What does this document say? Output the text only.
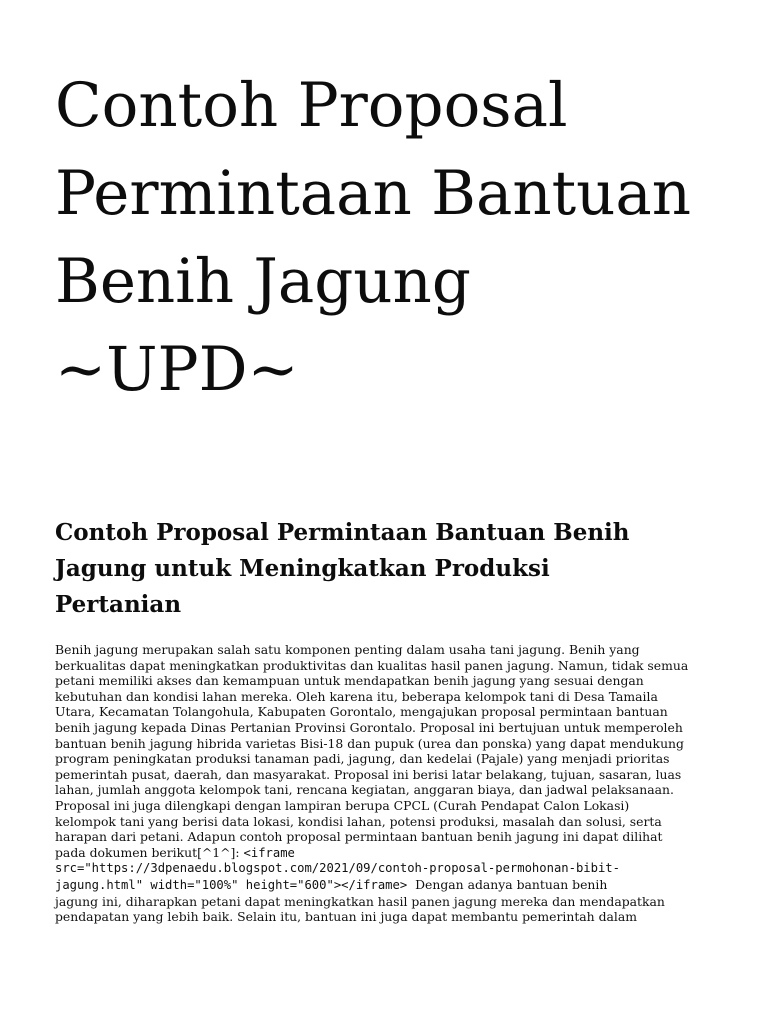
Contoh Proposal
Permintaan Bantuan
Benih Jagung
~UPD~
Contoh Proposal Permintaan Bantuan Benih
Jagung untuk Meningkatkan Produksi
Pertanian
Benih jagung merupakan salah satu komponen penting dalam usaha tani jagung. Benih yang
berkualitas dapat meningkatkan produktivitas dan kualitas hasil panen jagung. Namun, tidak semua
petani memiliki akses dan kemampuan untuk mendapatkan benih jagung yang sesuai dengan
kebutuhan dan kondisi lahan mereka. Oleh karena itu, beberapa kelompok tani di Desa Tamaila
Utara, Kecamatan Tolangohula, Kabupaten Gorontalo, mengajukan proposal permintaan bantuan
benih jagung kepada Dinas Pertanian Provinsi Gorontalo. Proposal ini bertujuan untuk memperoleh
bantuan benih jagung hibrida varietas Bisi-18 dan pupuk (urea dan ponska) yang dapat mendukung
program peningkatan produksi tanaman padi, jagung, dan kedelai (Pajale) yang menjadi prioritas
pemerintah pusat, daerah, dan masyarakat. Proposal ini berisi latar belakang, tujuan, sasaran, luas
lahan, jumlah anggota kelompok tani, rencana kegiatan, anggaran biaya, dan jadwal pelaksanaan.
Proposal ini juga dilengkapi dengan lampiran berupa CPCL (Curah Pendapat Calon Lokasi)
kelompok tani yang berisi data lokasi, kondisi lahan, potensi produksi, masalah dan solusi, serta
harapan dari petani. Adapun contoh proposal permintaan bantuan benih jagung ini dapat dilihat
pada dokumen berikut[^1^]: <iframe
src="https://3dpenaedu.blogspot.com/2021/09/contoh-proposal-permohonan-bibit-
jagung.html" width="100%" height="600"></iframe>  Dengan adanya bantuan benih
jagung ini, diharapkan petani dapat meningkatkan hasil panen jagung mereka dan mendapatkan
pendapatan yang lebih baik. Selain itu, bantuan ini juga dapat membantu pemerintah dalam
